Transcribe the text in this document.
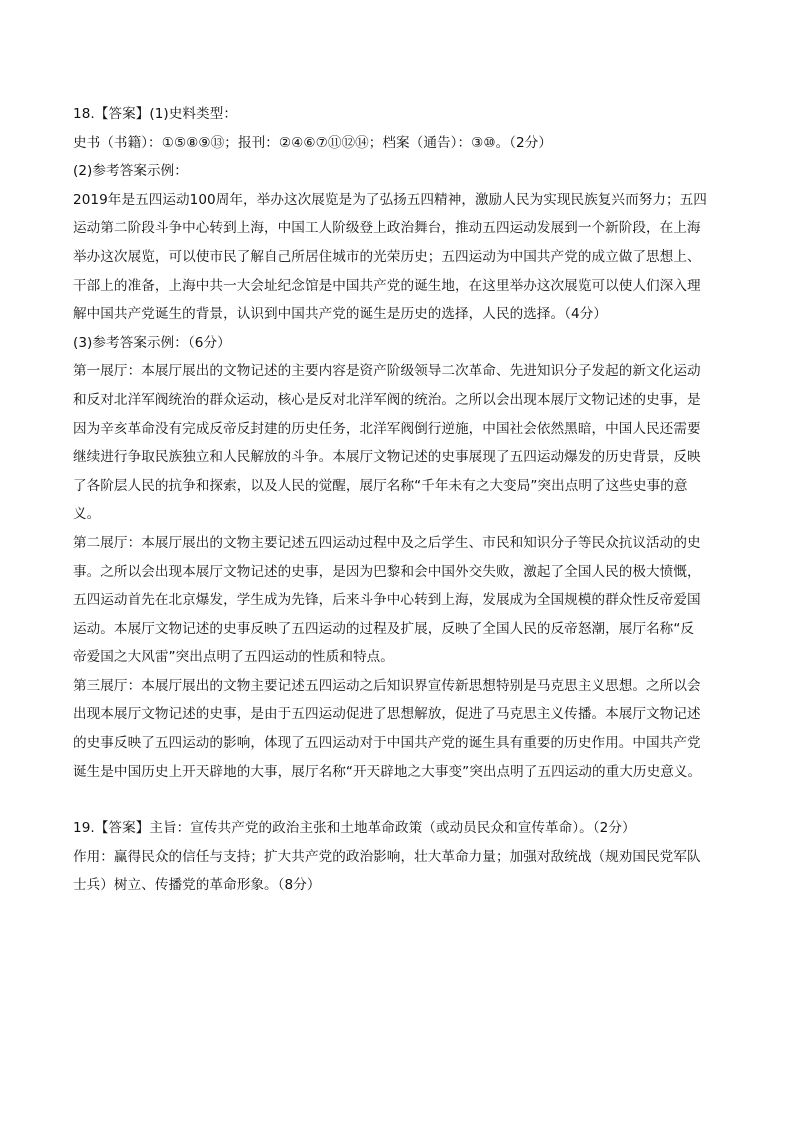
18.【答案】(1)史料类型：

史书（书籍）：①⑤⑧⑨⑬；报刊：②④⑥⑦⑪⑫⑭；档案（通告）：③⑩。（2分）

(2)参考答案示例：

2019年是五四运动100周年，举办这次展览是为了弘扬五四精神，激励人民为实现民族复兴而努力；五四

运动第二阶段斗争中心转到上海，中国工人阶级登上政治舞台，推动五四运动发展到一个新阶段，在上海

举办这次展览，可以使市民了解自己所居住城市的光荣历史；五四运动为中国共产党的成立做了思想上、

干部上的准备，上海中共一大会址纪念馆是中国共产党的诞生地，在这里举办这次展览可以使人们深入理

解中国共产党诞生的背景，认识到中国共产党的诞生是历史的选择，人民的选择。（4分）

(3)参考答案示例：（6分）

第一展厅：本展厅展出的文物记述的主要内容是资产阶级领导二次革命、先进知识分子发起的新文化运动

和反对北洋军阀统治的群众运动，核心是反对北洋军阀的统治。之所以会出现本展厅文物记述的史事，是

因为辛亥革命没有完成反帝反封建的历史任务，北洋军阀倒行逆施，中国社会依然黑暗，中国人民还需要

继续进行争取民族独立和人民解放的斗争。本展厅文物记述的史事展现了五四运动爆发的历史背景，反映

了各阶层人民的抗争和探索，以及人民的觉醒，展厅名称“千年未有之大变局”突出点明了这些史事的意

义。

第二展厅：本展厅展出的文物主要记述五四运动过程中及之后学生、市民和知识分子等民众抗议活动的史

事。之所以会出现本展厅文物记述的史事，是因为巴黎和会中国外交失败，激起了全国人民的极大愤慨，

五四运动首先在北京爆发，学生成为先锋，后来斗争中心转到上海，发展成为全国规模的群众性反帝爱国

运动。本展厅文物记述的史事反映了五四运动的过程及扩展，反映了全国人民的反帝怒潮，展厅名称“反

帝爱国之大风雷”突出点明了五四运动的性质和特点。

第三展厅：本展厅展出的文物主要记述五四运动之后知识界宣传新思想特别是马克思主义思想。之所以会

出现本展厅文物记述的史事，是由于五四运动促进了思想解放，促进了马克思主义传播。本展厅文物记述

的史事反映了五四运动的影响，体现了五四运动对于中国共产党的诞生具有重要的历史作用。中国共产党

诞生是中国历史上开天辟地的大事，展厅名称“开天辟地之大事变”突出点明了五四运动的重大历史意义。

19.【答案】主旨：宣传共产党的政治主张和土地革命政策（或动员民众和宣传革命）。（2分）

作用：赢得民众的信任与支持；扩大共产党的政治影响，壮大革命力量；加强对敌统战（规劝国民党军队

士兵）树立、传播党的革命形象。（8分）
